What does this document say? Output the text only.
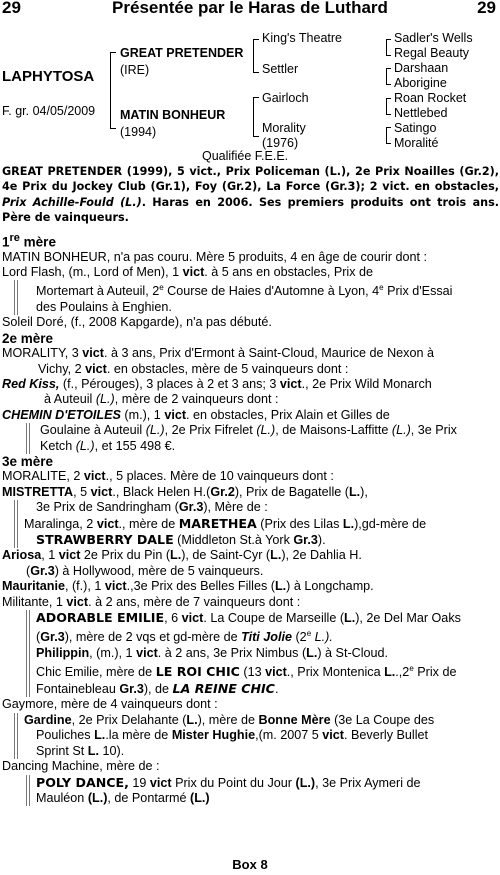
29	Présentée par le Haras de Luthard	29
LAPHYTOSA
F. gr. 04/05/2009
GREAT PRETENDER
(IRE)
MATIN BONHEUR
(1994)
King's Theatre
Settler
Gairloch
Morality
(1976)
Sadler's Wells
Regal Beauty
Darshaan
Aborigine
Roan Rocket
Nettlebed
Satingo
Moralité
Qualifiée F.E.E.

GREAT PRETENDER (1999), 5 vict., Prix Policeman (L.), 2e Prix Noailles (Gr.2), 4e Prix du Jockey Club (Gr.1), Foy (Gr.2), La Force (Gr.3); 2 vict. en obstacles, Prix Achille-Fould (L.). Haras en 2006. Ses premiers produits ont trois ans. Père de vainqueurs.

1re mère

MATIN BONHEUR, n'a pas couru. Mère 5 produits, 4 en âge de courir dont :

Lord Flash, (m., Lord of Men), 1 vict. à 5 ans en obstacles, Prix de

Mortemart à Auteuil, 2e Course de Haies d'Automne à Lyon, 4e Prix d'Essai

des Poulains à Enghien.

Soleil Doré, (f., 2008 Kapgarde), n'a pas débuté.

2e mère

MORALITY, 3 vict. à 3 ans, Prix d'Ermont à Saint-Cloud, Maurice de Nexon à

Vichy, 2 vict. en obstacles, mère de 5 vainqueurs dont :

Red Kiss, (f., Pérouges), 3 places à 2 et 3 ans; 3 vict., 2e Prix Wild Monarch

à Auteuil (L.), mère de 2 vainqueurs dont :

CHEMIN D'ETOILES (m.), 1 vict. en obstacles, Prix Alain et Gilles de

Goulaine à Auteuil (L.), 2e Prix Fifrelet (L.), de Maisons-Laffitte (L.), 3e Prix

Ketch (L.), et 155 498 €.

3e mère

MORALITE, 2 vict., 5 places. Mère de 10 vainqueurs dont :

MISTRETTA, 5 vict., Black Helen H.(Gr.2), Prix de Bagatelle (L.),

3e Prix de Sandringham (Gr.3), Mère de :

Maralinga, 2 vict., mère de MARETHEA (Prix des Lilas L.),gd-mère de

STRAWBERRY DALE (Middleton St.à York Gr.3).

Ariosa, 1 vict 2e Prix du Pin (L.), de Saint-Cyr (L.), 2e Dahlia H.

(Gr.3) à Hollywood, mère de 5 vainqueurs.

Mauritanie, (f.), 1 vict.,3e Prix des Belles Filles (L.) à Longchamp.

Militante, 1 vict. à 2 ans, mère de 7 vainqueurs dont :

ADORABLE EMILIE, 6 vict. La Coupe de Marseille (L.), 2e Del Mar Oaks

(Gr.3), mère de 2 vqs et gd-mère de Titi Jolie (2e L.).

Philippin, (m.), 1 vict. à 2 ans, 3e Prix Nimbus (L.) à St-Cloud.

Chic Emilie, mère de LE ROI CHIC (13 vict., Prix Montenica L..,2e Prix de

Fontainebleau Gr.3), de LA REINE CHIC.

Gaymore, mère de 4 vainqueurs dont :

Gardine, 2e Prix Delahante (L.), mère de Bonne Mère (3e La Coupe des

Pouliches L..la mère de Mister Hughie,(m. 2007 5 vict. Beverly Bullet

Sprint St L. 10).

Dancing Machine, mère de :

POLY DANCE, 19 vict Prix du Point du Jour (L.), 3e Prix Aymeri de

Mauléon (L.), de Pontarmé (L.)

Box 8
